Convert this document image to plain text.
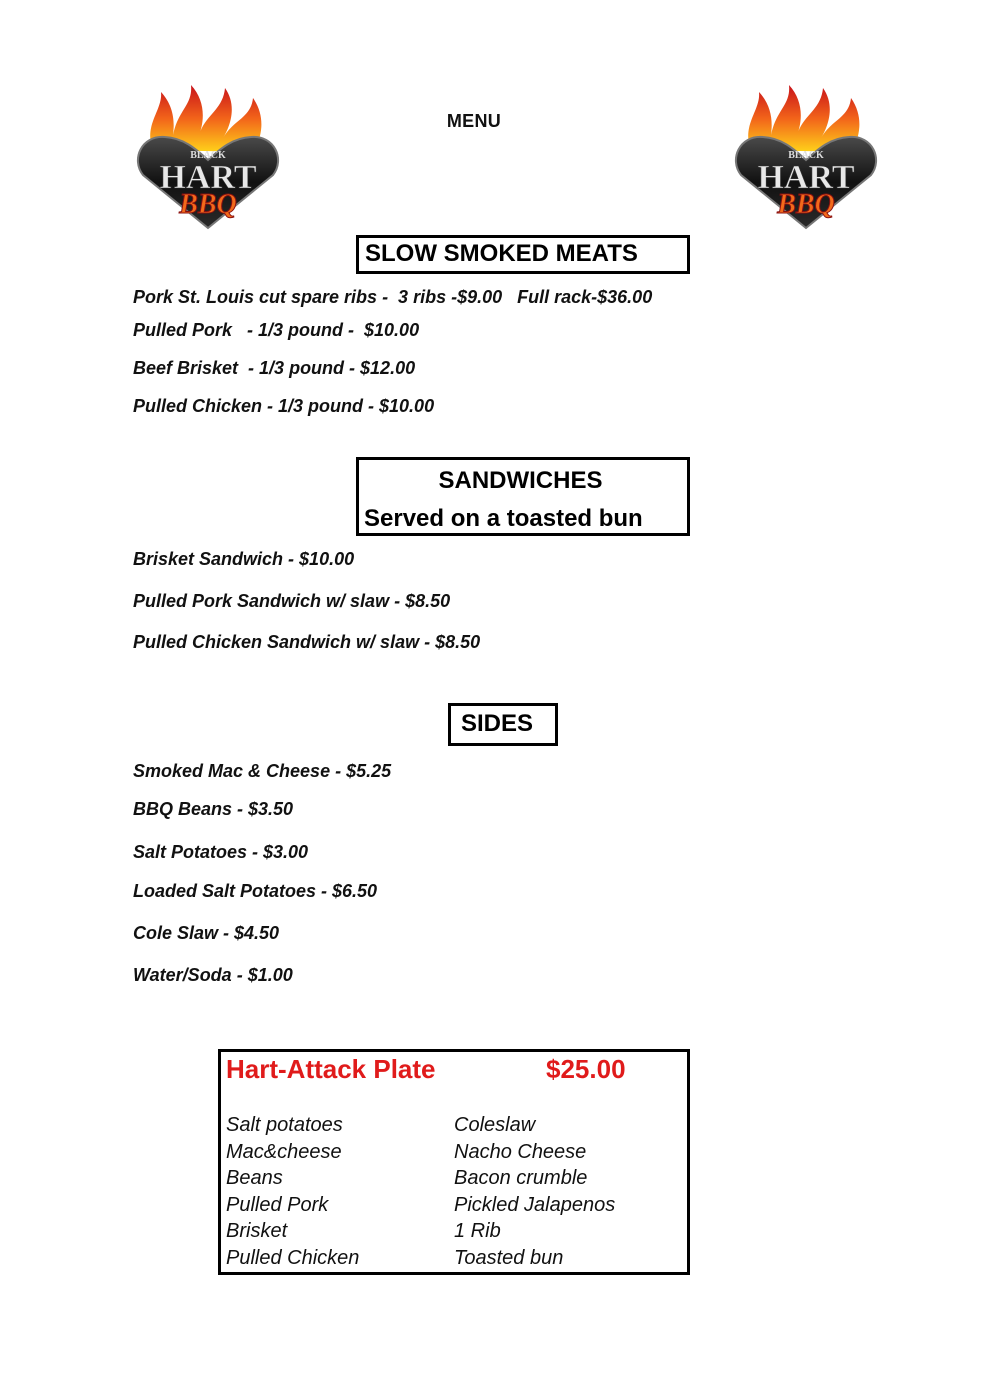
BLACK
HART
BBQ
MENU
BLACK
HART
BBQ
SLOW SMOKED MEATS
Pork St. Louis cut spare ribs -  3 ribs -$9.00   Full rack-$36.00
Pulled Pork   - 1/3 pound -  $10.00
Beef Brisket  - 1/3 pound - $12.00
Pulled Chicken - 1/3 pound - $10.00
SANDWICHES
Served on a toasted bun
Brisket Sandwich - $10.00
Pulled Pork Sandwich w/ slaw - $8.50
Pulled Chicken Sandwich w/ slaw - $8.50
SIDES
Smoked Mac & Cheese - $5.25
BBQ Beans - $3.50
Salt Potatoes - $3.00
Loaded Salt Potatoes - $6.50
Cole Slaw - $4.50
Water/Soda - $1.00
Hart-Attack Plate	$25.00
Salt potatoes
Mac&cheese
Beans
Pulled Pork
Brisket
Pulled Chicken
Coleslaw
Nacho Cheese
Bacon crumble
Pickled Jalapenos
1 Rib
Toasted bun
